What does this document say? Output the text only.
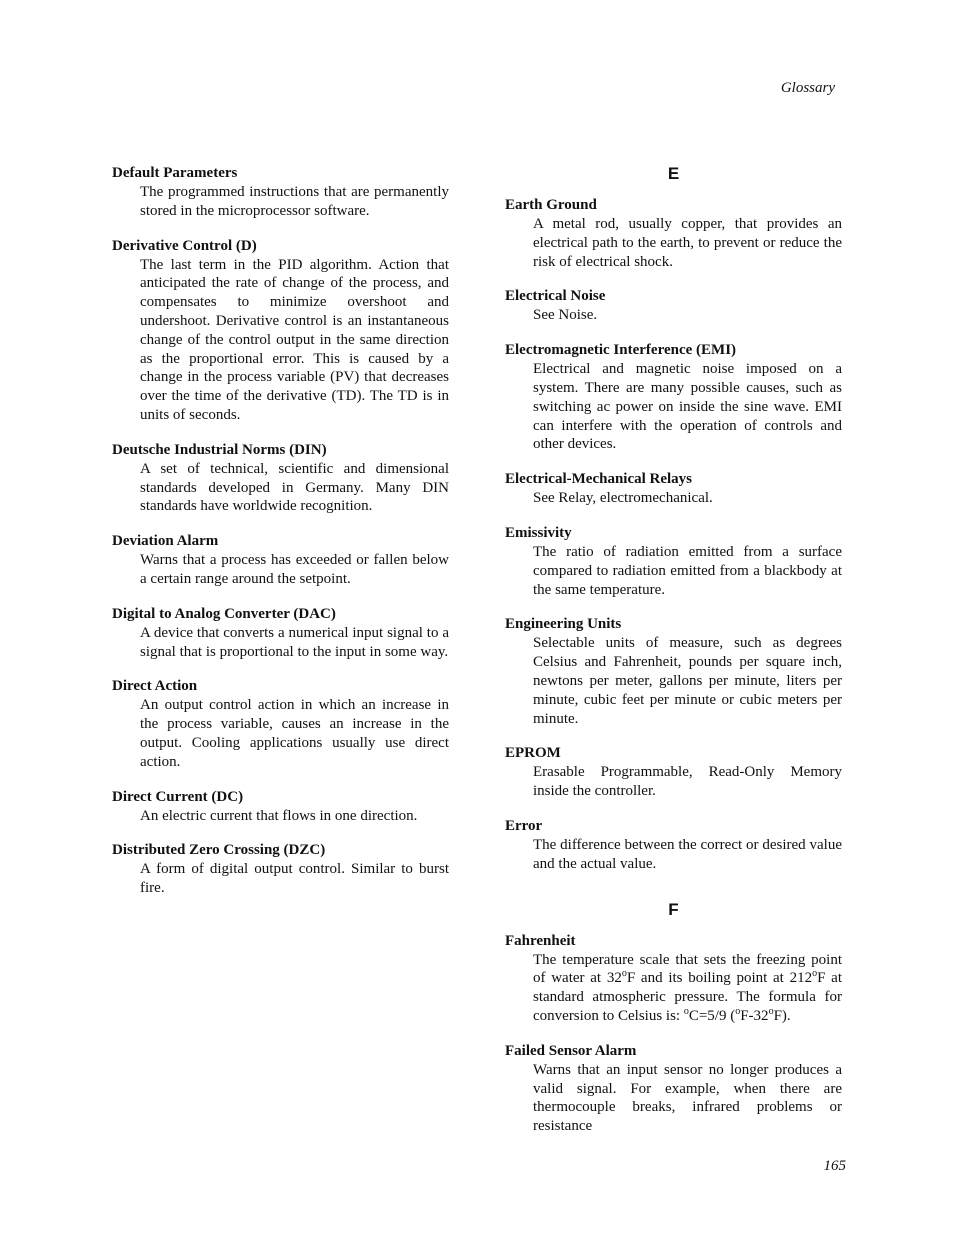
Glossary
Default Parameters
The programmed instructions that are permanently stored in the microprocessor software.
Derivative Control (D)
The last term in the PID algorithm. Action that anticipated the rate of change of the process, and compensates to minimize overshoot and undershoot. Derivative control is an instantaneous change of the control output in the same direction as the proportional error. This is caused by a change in the process variable (PV) that decreases over the time of the derivative (TD). The TD is in units of seconds.
Deutsche Industrial Norms (DIN)
A set of technical, scientific and dimensional standards developed in Germany. Many DIN standards have worldwide recognition.
Deviation Alarm
Warns that a process has exceeded or fallen below a certain range around the setpoint.
Digital to Analog Converter (DAC)
A device that converts a numerical input signal to a signal that is proportional to the input in some way.
Direct Action
An output control action in which an increase in the process variable, causes an increase in the output. Cooling applications usually use direct action.
Direct Current (DC)
An electric current that flows in one direction.
Distributed Zero Crossing (DZC)
A form of digital output control. Similar to burst fire.
E
Earth Ground
A metal rod, usually copper, that provides an electrical path to the earth, to prevent or reduce the risk of electrical shock.
Electrical Noise
See Noise.
Electromagnetic Interference (EMI)
Electrical and magnetic noise imposed on a system. There are many possible causes, such as switching ac power on inside the sine wave. EMI can interfere with the operation of controls and other devices.
Electrical-Mechanical Relays
See Relay, electromechanical.
Emissivity
The ratio of radiation emitted from a surface compared to radiation emitted from a blackbody at the same temperature.
Engineering Units
Selectable units of measure, such as degrees Celsius and Fahrenheit, pounds per square inch, newtons per meter, gallons per minute, liters per minute, cubic feet per minute or cubic meters per minute.
EPROM
Erasable Programmable, Read-Only Memory inside the controller.
Error
The difference between the correct or desired value and the actual value.
F
Fahrenheit
The temperature scale that sets the freezing point of water at 32$^o$F and its boiling point at 212$^o$F at standard atmospheric pressure. The formula for conversion to Celsius is: $^o$C=5/9 ($^o$F-32$^o$F).
Failed Sensor Alarm
Warns that an input sensor no longer produces a valid signal. For example, when there are thermocouple breaks, infrared problems or resistance
165
